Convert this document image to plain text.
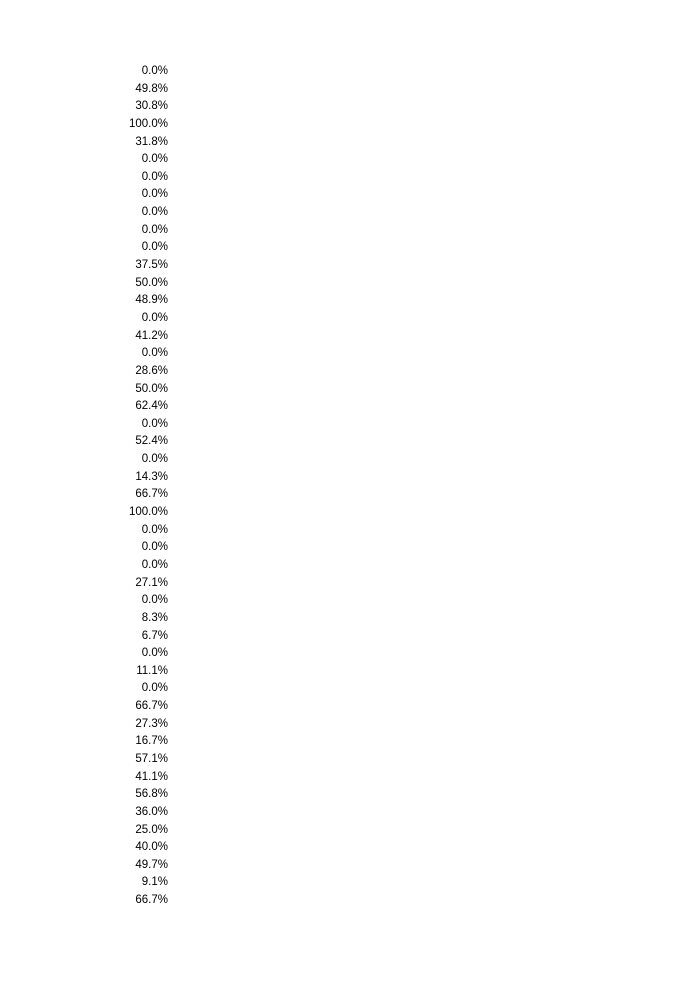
0.0%
49.8%
30.8%
100.0%
31.8%
0.0%
0.0%
0.0%
0.0%
0.0%
0.0%
37.5%
50.0%
48.9%
0.0%
41.2%
0.0%
28.6%
50.0%
62.4%
0.0%
52.4%
0.0%
14.3%
66.7%
100.0%
0.0%
0.0%
0.0%
27.1%
0.0%
8.3%
6.7%
0.0%
11.1%
0.0%
66.7%
27.3%
16.7%
57.1%
41.1%
56.8%
36.0%
25.0%
40.0%
49.7%
9.1%
66.7%
